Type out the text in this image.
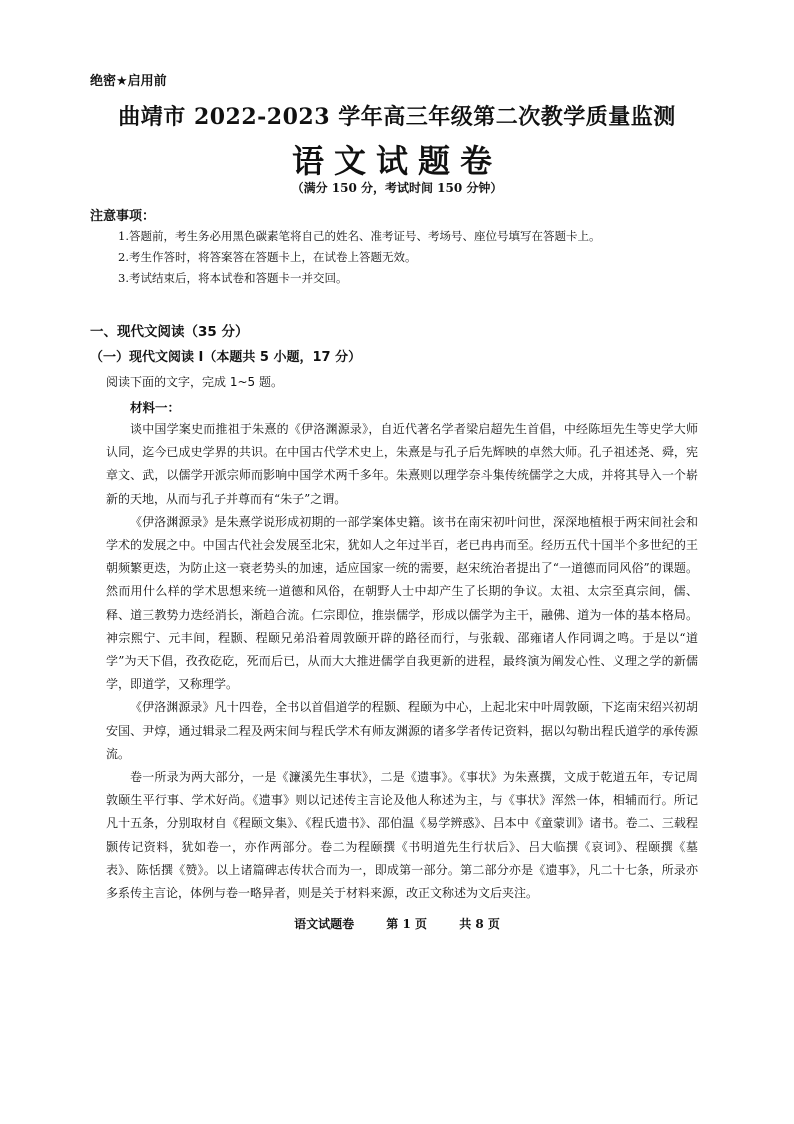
绝密★启用前
曲靖市 2022-2023 学年高三年级第二次教学质量监测
语文试题卷
（满分 150 分，考试时间 150 分钟）
注意事项：
1.答题前，考生务必用黑色碳素笔将自己的姓名、准考证号、考场号、座位号填写在答题卡上。
2.考生作答时，将答案答在答题卡上，在试卷上答题无效。
3.考试结束后，将本试卷和答题卡一并交回。
一、现代文阅读（35 分）
（一）现代文阅读 I（本题共 5 小题，17 分）
阅读下面的文字，完成 1~5 题。
材料一：

谈中国学案史而推祖于朱熹的《伊洛渊源录》，自近代著名学者梁启超先生首倡，中经陈垣先生等史学大师认同，迄今已成史学界的共识。在中国古代学术史上，朱熹是与孔子后先辉映的卓然大师。孔子祖述尧、舜，宪章文、武，以儒学开派宗师而影响中国学术两千多年。朱熹则以理学奈斗集传统儒学之大成，并将其导入一个崭新的天地，从而与孔子并尊而有“朱子”之谓。

《伊洛渊源录》是朱熹学说形成初期的一部学案体史籍。该书在南宋初叶问世，深深地植根于两宋间社会和学术的发展之中。中国古代社会发展至北宋，犹如人之年过半百，老已冉冉而至。经历五代十国半个多世纪的王朝频繁更迭，为防止这一衰老势头的加速，适应国家一统的需要，赵宋统治者提出了“一道德而同风俗”的课题。然而用什么样的学术思想来统一道德和风俗，在朝野人士中却产生了长期的争议。太祖、太宗至真宗间，儒、释、道三教势力迭经消长，渐趋合流。仁宗即位，推崇儒学，形成以儒学为主干，融佛、道为一体的基本格局。神宗熙宁、元丰间，程颢、程颐兄弟沿着周敦颐开辟的路径而行，与张载、邵雍诸人作同调之鸣。于是以“道学”为天下倡，孜孜矻矻，死而后已，从而大大推进儒学自我更新的进程，最终演为阐发心性、义理之学的新儒学，即道学，又称理学。

《伊洛渊源录》凡十四卷，全书以首倡道学的程颢、程颐为中心，上起北宋中叶周敦颐，下迄南宋绍兴初胡安国、尹焞，通过辑录二程及两宋间与程氏学术有师友渊源的诸多学者传记资料，据以勾勒出程氏道学的承传源流。

卷一所录为两大部分，一是《濂溪先生事状》，二是《遗事》。《事状》为朱熹撰，文成于乾道五年，专记周敦颐生平行事、学术好尚。《遗事》则以记述传主言论及他人称述为主，与《事状》浑然一体，相辅而行。所记凡十五条，分别取材自《程颐文集》、《程氏遗书》、邵伯温《易学辨惑》、吕本中《童蒙训》诸书。卷二、三载程颢传记资料，犹如卷一，亦作两部分。卷二为程颐撰《书明道先生行状后》、吕大临撰《哀词》、程颐撰《墓表》、陈恬撰《赞》。以上诸篇碑志传状合而为一，即成第一部分。第二部分亦是《遗事》，凡二十七条，所录亦多系传主言论，体例与卷一略异者，则是关于材料来源，改正文称述为文后夹注。

语文试题卷	第 1 页	共 8 页
